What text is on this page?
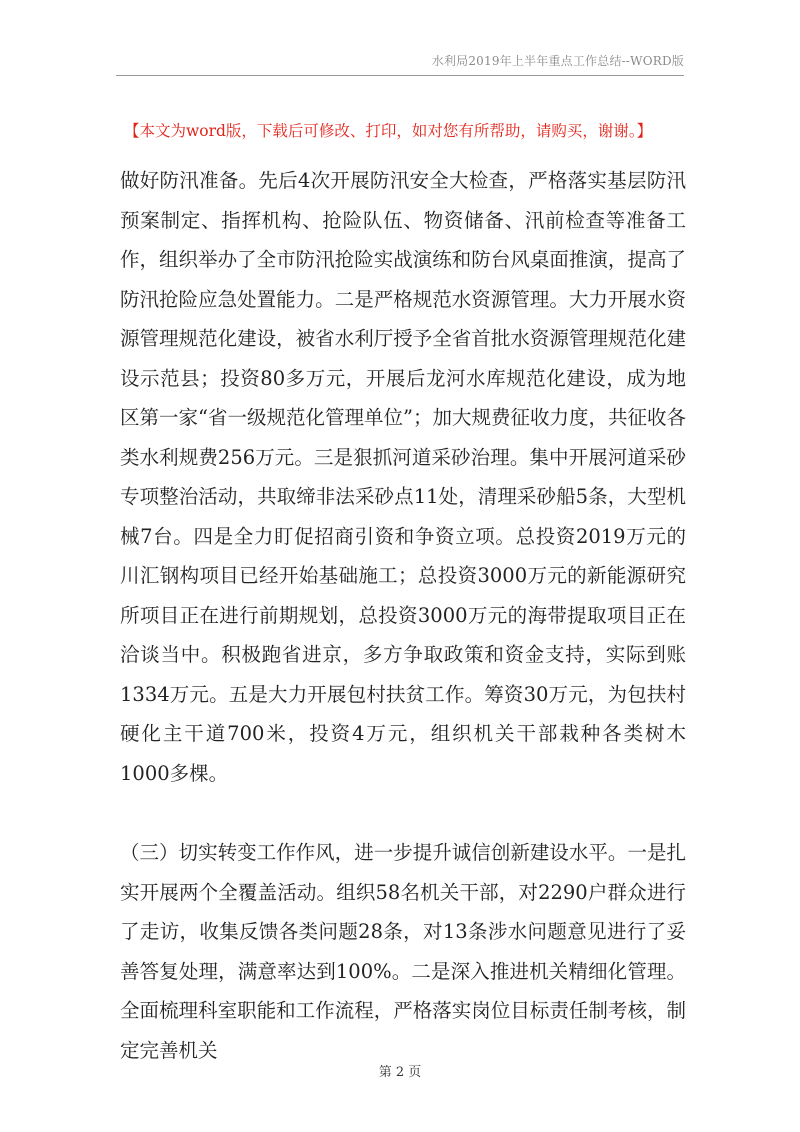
水利局2019年上半年重点工作总结--WORD版
【本文为word版，下载后可修改、打印，如对您有所帮助，请购买，谢谢。】

做好防汛准备。先后4次开展防汛安全大检查，严格落实基层防汛预案制定、指挥机构、抢险队伍、物资储备、汛前检查等准备工作，组织举办了全市防汛抢险实战演练和防台风桌面推演，提高了防汛抢险应急处置能力。二是严格规范水资源管理。大力开展水资源管理规范化建设，被省水利厅授予全省首批水资源管理规范化建设示范县；投资80多万元，开展后龙河水库规范化建设，成为地区第一家“省一级规范化管理单位”；加大规费征收力度，共征收各类水利规费256万元。三是狠抓河道采砂治理。集中开展河道采砂专项整治活动，共取缔非法采砂点11处，清理采砂船5条，大型机械7台。四是全力盯促招商引资和争资立项。总投资2019万元的川汇钢构项目已经开始基础施工；总投资3000万元的新能源研究所项目正在进行前期规划，总投资3000万元的海带提取项目正在洽谈当中。积极跑省进京，多方争取政策和资金支持，实际到账1334万元。五是大力开展包村扶贫工作。筹资30万元，为包扶村硬化主干道700米，投资4万元，组织机关干部栽种各类树木1000多棵。

（三）切实转变工作作风，进一步提升诚信创新建设水平。一是扎实开展两个全覆盖活动。组织58名机关干部，对2290户群众进行了走访，收集反馈各类问题28条，对13条涉水问题意见进行了妥善答复处理，满意率达到100%。二是深入推进机关精细化管理。全面梳理科室职能和工作流程，严格落实岗位目标责任制考核，制定完善机关

第 2 页
